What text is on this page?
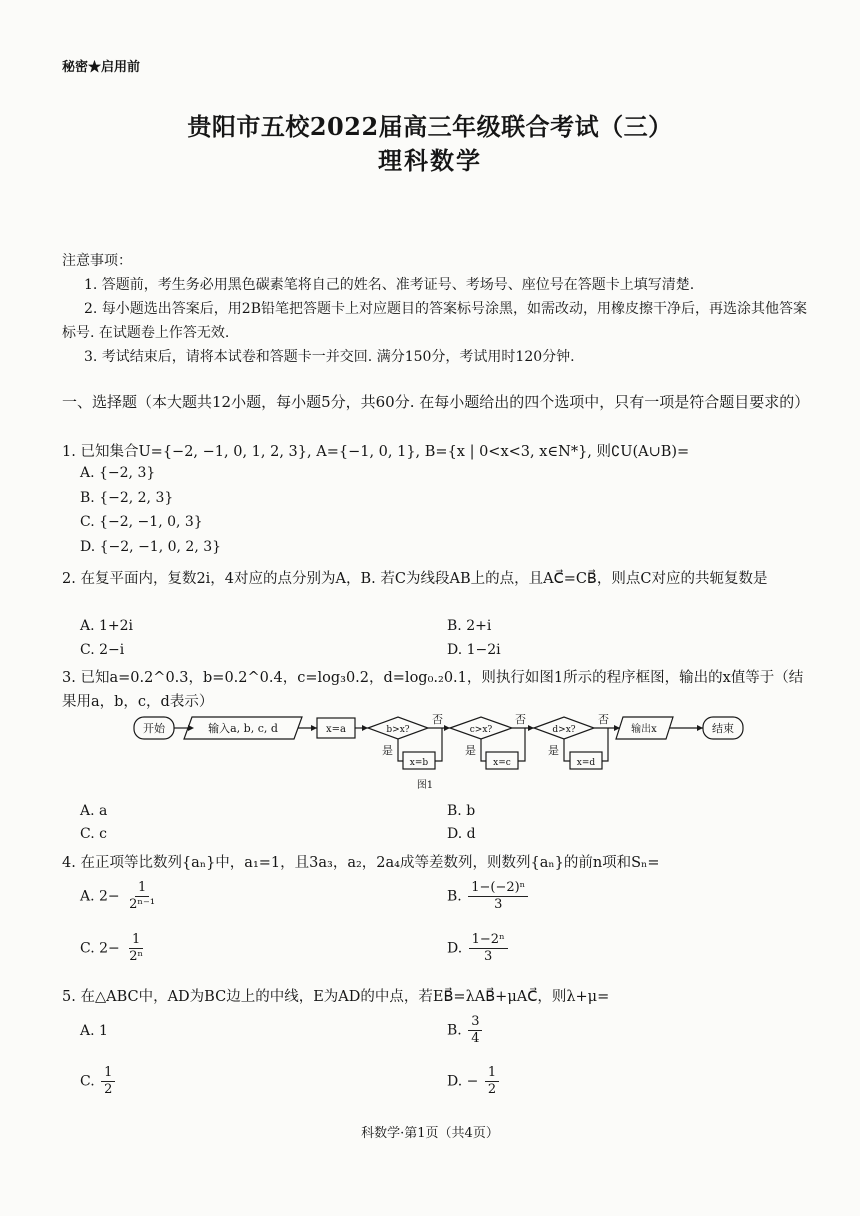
秘密★启用前
贵阳市五校2022届高三年级联合考试（三）
理科数学
注意事项：
1. 答题前，考生务必用黑色碳素笔将自己的姓名、准考证号、考场号、座位号在答题卡上填写清楚.
2. 每小题选出答案后，用2B铅笔把答题卡上对应题目的答案标号涂黑，如需改动，用橡皮擦干净后，再选涂其他答案标号. 在试题卷上作答无效.
3. 考试结束后，请将本试卷和答题卡一并交回. 满分150分，考试用时120分钟.
一、选择题（本大题共12小题，每小题5分，共60分. 在每小题给出的四个选项中，只有一项是符合题目要求的）
1. 已知集合U={−2, −1, 0, 1, 2, 3}, A={−1, 0, 1}, B={x | 0<x<3, x∈N*}, 则∁U(A∪B)=
A. {−2, 3}
B. {−2, 2, 3}
C. {−2, −1, 0, 3}
D. {−2, −1, 0, 2, 3}
2. 在复平面内，复数2i，4对应的点分别为A，B. 若C为线段AB上的点，且AC⃗=CB⃗，则点C对应的共轭复数是
A. 1+2i	B. 2+i
C. 2−i	D. 1−2i
3. 已知a=0.2^0.3，b=0.2^0.4，c=log₃0.2，d=log₀.₂0.1，则执行如图1所示的程序框图，输出的x值等于（结果用a，b，c，d表示）
开始	输入a, b, c, d	x=a	b>x?	c>x?	d>x?
x=b	x=c	x=d
输出x	结束
否	否	否
是	是	是
图1
A. a	B. b
C. c	D. d
4. 在正项等比数列{aₙ}中，a₁=1，且3a₃，a₂，2a₄成等差数列，则数列{aₙ}的前n项和Sₙ=
A. $2- \frac{1}{\text{2ⁿ⁻¹}}$	B. $\frac{\text{1−(−2)ⁿ}}{3}$
C. $2- \frac{1}{\text{2ⁿ}}$	D. $\frac{\text{1−2ⁿ}}{3}$
5. 在△ABC中，AD为BC边上的中线，E为AD的中点，若EB⃗=λAB⃗+μAC⃗，则λ+μ=
A. 1	B. $\frac{3}{4}$
C. $\frac{1}{2}$	D. − $\frac{1}{2}$
科数学·第1页（共4页）
